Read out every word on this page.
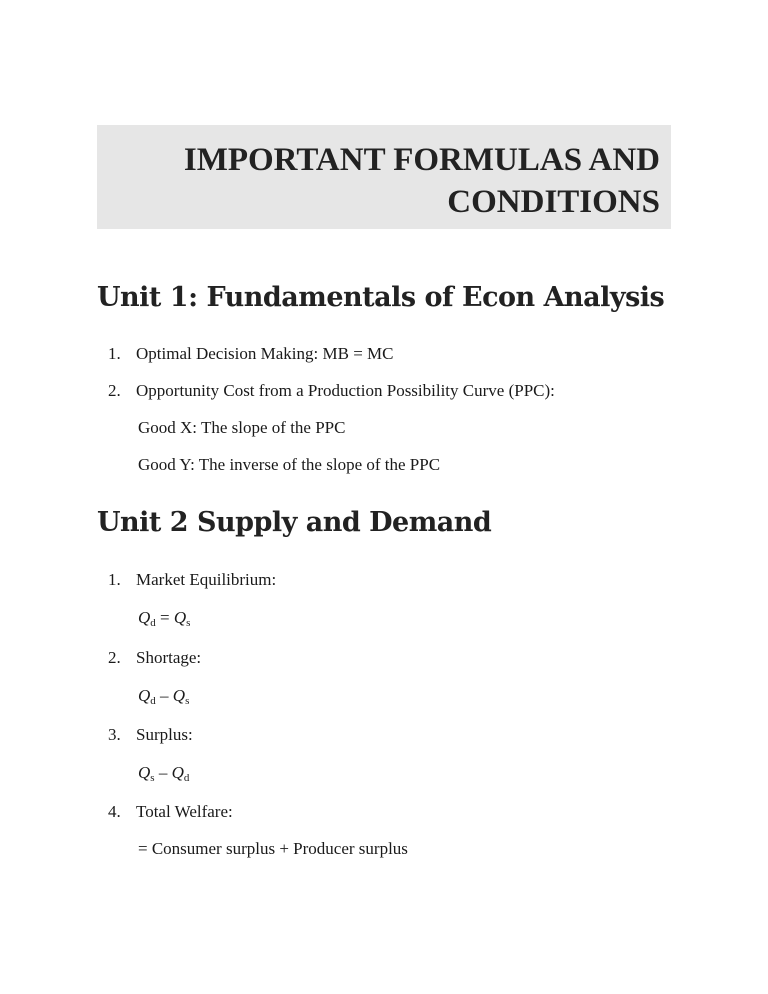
IMPORTANT FORMULAS AND
CONDITIONS
Unit 1: Fundamentals of Econ Analysis
1. Optimal Decision Making: MB = MC
2. Opportunity Cost from a Production Possibility Curve (PPC):
Good X: The slope of the PPC
Good Y: The inverse of the slope of the PPC
Unit 2 Supply and Demand
1. Market Equilibrium:
$Q_d = Q_s$
2. Shortage:
$Q_d - Q_s$
3. Surplus:
$Q_s - Q_d$
4. Total Welfare:
= Consumer surplus + Producer surplus
